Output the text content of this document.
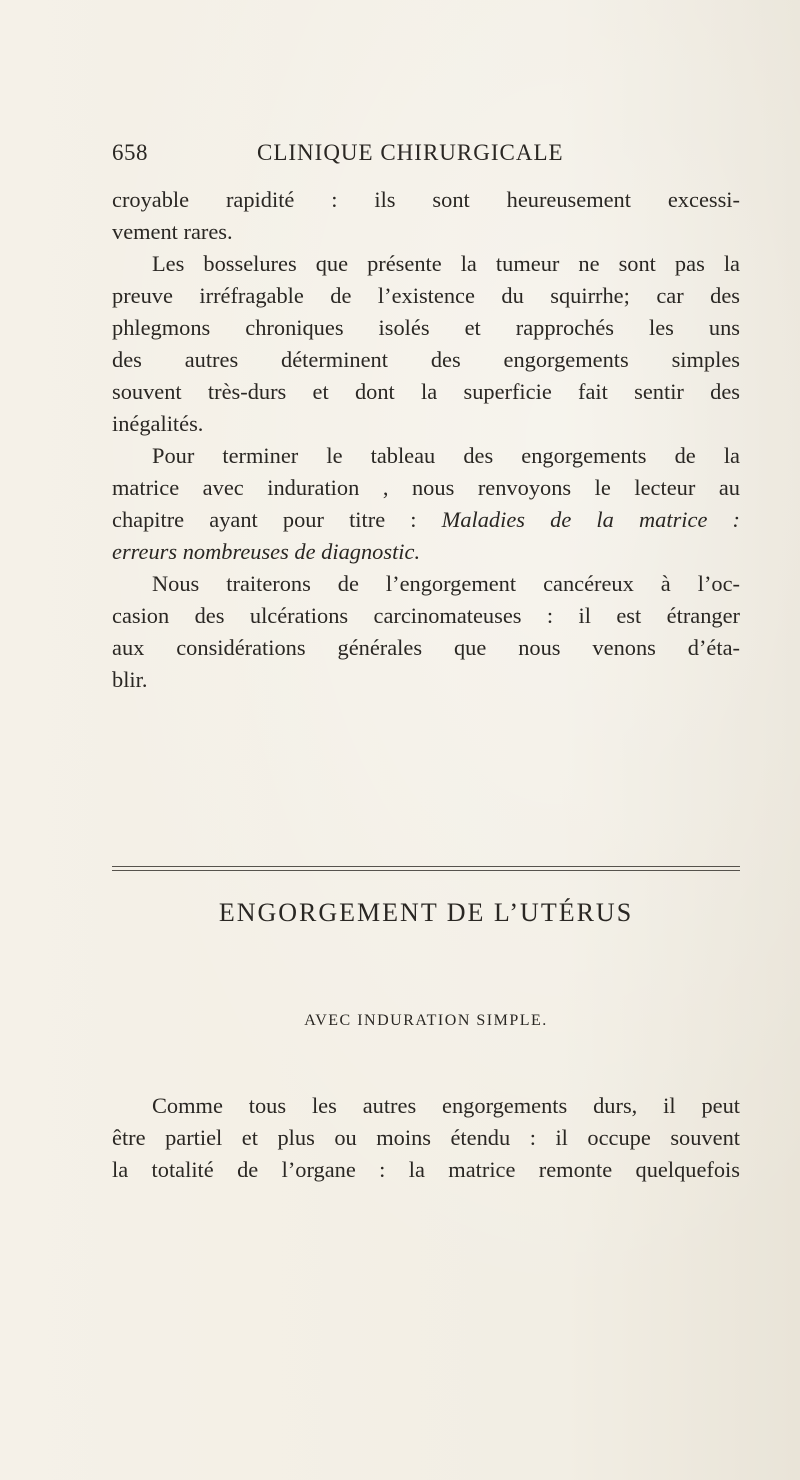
658	CLINIQUE CHIRURGICALE
croyable rapidité : ils sont heureusement excessi-
vement rares.
Les bosselures que présente la tumeur ne sont pas la
preuve irréfragable de l’existence du squirrhe; car des
phlegmons chroniques isolés et rapprochés les uns
des autres déterminent des engorgements simples
souvent très-durs et dont la superficie fait sentir des
inégalités.
Pour terminer le tableau des engorgements de la
matrice avec induration , nous renvoyons le lecteur au
chapitre ayant pour titre : Maladies de la matrice :
erreurs nombreuses de diagnostic.
Nous traiterons de l’engorgement cancéreux à l’oc-
casion des ulcérations carcinomateuses : il est étranger
aux considérations générales que nous venons d’éta-
blir.
ENGORGEMENT DE L’UTÉRUS
AVEC INDURATION SIMPLE.
Comme tous les autres engorgements durs, il peut
être partiel et plus ou moins étendu : il occupe souvent
la totalité de l’organe : la matrice remonte quelquefois
